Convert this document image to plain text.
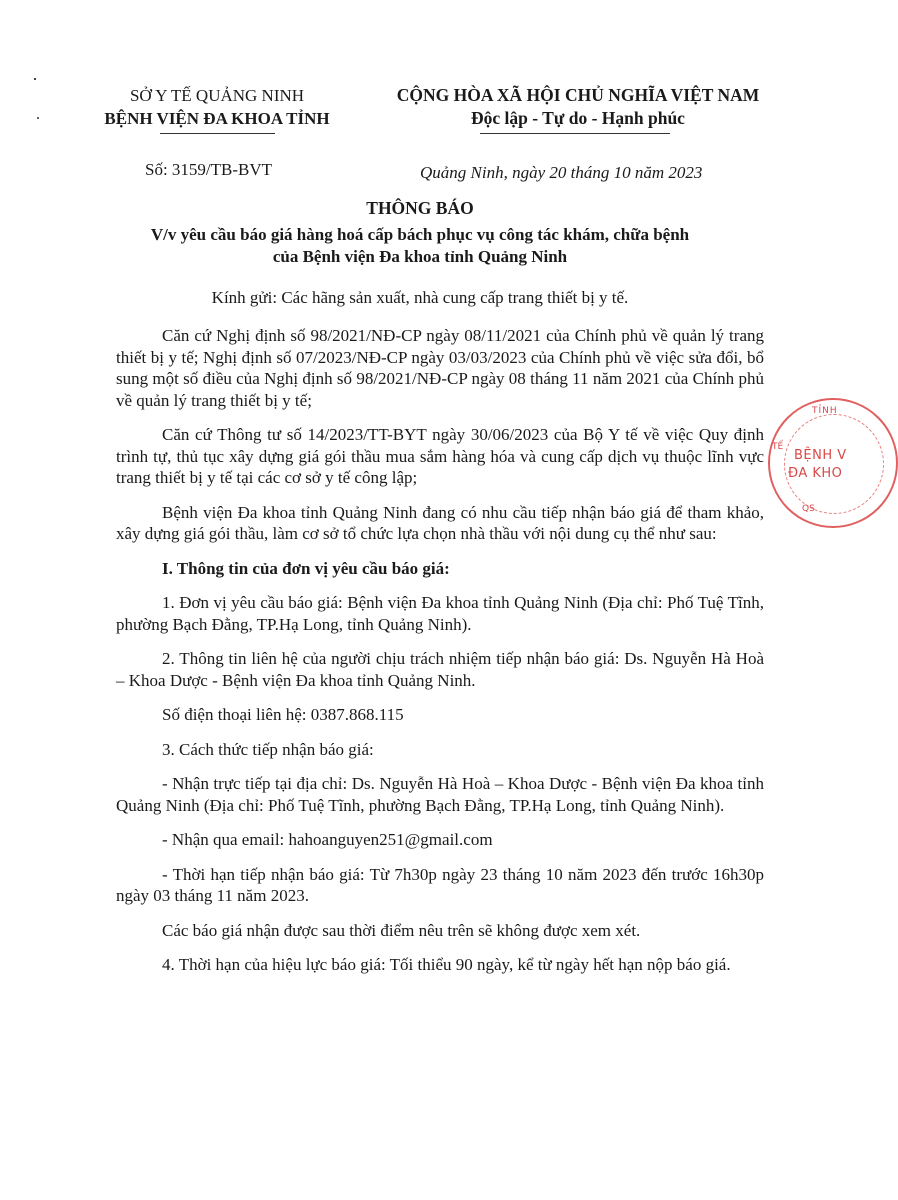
SỞ Y TẾ QUẢNG NINH
BỆNH VIỆN ĐA KHOA TỈNH
CỘNG HÒA XÃ HỘI CHỦ NGHĨA VIỆT NAM
Độc lập - Tự do - Hạnh phúc
Số: 3159/TB-BVT	Quảng Ninh, ngày 20 tháng 10 năm 2023
THÔNG BÁO
V/v yêu cầu báo giá hàng hoá cấp bách phục vụ công tác khám, chữa bệnh
của Bệnh viện Đa khoa tỉnh Quảng Ninh
Kính gửi: Các hãng sản xuất, nhà cung cấp trang thiết bị y tế.

Căn cứ Nghị định số 98/2021/NĐ-CP ngày 08/11/2021 của Chính phủ về quản lý trang thiết bị y tế; Nghị định số 07/2023/NĐ-CP ngày 03/03/2023 của Chính phủ về việc sửa đổi, bổ sung một số điều của Nghị định số 98/2021/NĐ-CP ngày 08 tháng 11 năm 2021 của Chính phủ về quản lý trang thiết bị y tế;

Căn cứ Thông tư số 14/2023/TT-BYT ngày 30/06/2023 của Bộ Y tế về việc Quy định trình tự, thủ tục xây dựng giá gói thầu mua sắm hàng hóa và cung cấp dịch vụ thuộc lĩnh vực trang thiết bị y tế tại các cơ sở y tế công lập;

Bệnh viện Đa khoa tỉnh Quảng Ninh đang có nhu cầu tiếp nhận báo giá để tham khảo, xây dựng giá gói thầu, làm cơ sở tổ chức lựa chọn nhà thầu với nội dung cụ thể như sau:

I. Thông tin của đơn vị yêu cầu báo giá:

1. Đơn vị yêu cầu báo giá: Bệnh viện Đa khoa tỉnh Quảng Ninh (Địa chỉ: Phố Tuệ Tĩnh, phường Bạch Đằng, TP.Hạ Long, tỉnh Quảng Ninh).

2. Thông tin liên hệ của người chịu trách nhiệm tiếp nhận báo giá: Ds. Nguyễn Hà Hoà – Khoa Dược - Bệnh viện Đa khoa tỉnh Quảng Ninh.

Số điện thoại liên hệ: 0387.868.115

3. Cách thức tiếp nhận báo giá:

- Nhận trực tiếp tại địa chỉ: Ds. Nguyễn Hà Hoà – Khoa Dược - Bệnh viện Đa khoa tỉnh Quảng Ninh (Địa chỉ: Phố Tuệ Tĩnh, phường Bạch Đằng, TP.Hạ Long, tỉnh Quảng Ninh).

- Nhận qua email: hahoanguyen251@gmail.com

- Thời hạn tiếp nhận báo giá: Từ 7h30p ngày 23 tháng 10 năm 2023 đến trước 16h30p ngày 03 tháng 11 năm 2023.

Các báo giá nhận được sau thời điểm nêu trên sẽ không được xem xét.

4. Thời hạn của hiệu lực báo giá: Tối thiểu 90 ngày, kể từ ngày hết hạn nộp báo giá.

TỈNH
TẾ
BỆNH V
ĐA KHO
QS
